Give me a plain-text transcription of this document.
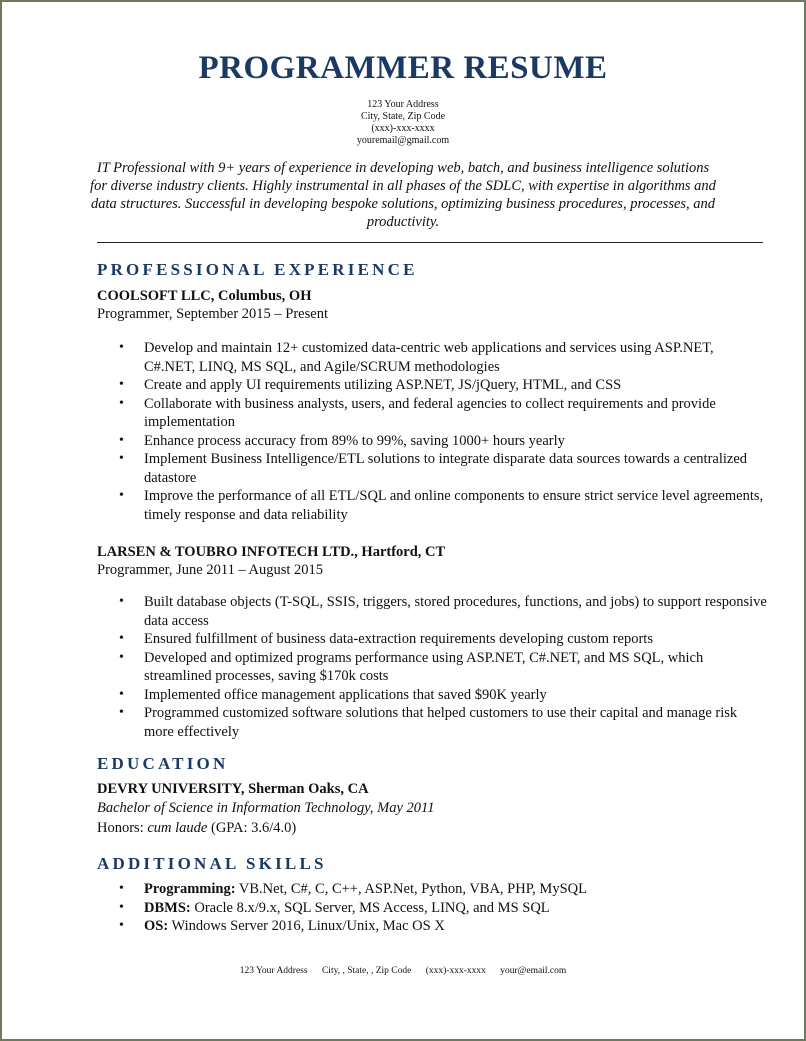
PROGRAMMER RESUME
123 Your Address
City, State, Zip Code
(xxx)-xxx-xxxx
youremail@gmail.com
IT Professional with 9+ years of experience in developing web, batch, and business intelligence solutions for diverse industry clients. Highly instrumental in all phases of the SDLC, with expertise in algorithms and data structures. Successful in developing bespoke solutions, optimizing business procedures, processes, and productivity.
PROFESSIONAL EXPERIENCE
COOLSOFT LLC, Columbus, OH
Programmer, September 2015 – Present
• Develop and maintain 12+ customized data-centric web applications and services using ASP.NET, C#.NET, LINQ, MS SQL, and Agile/SCRUM methodologies
• Create and apply UI requirements utilizing ASP.NET, JS/jQuery, HTML, and CSS
• Collaborate with business analysts, users, and federal agencies to collect requirements and provide implementation
• Enhance process accuracy from 89% to 99%, saving 1000+ hours yearly
• Implement Business Intelligence/ETL solutions to integrate disparate data sources towards a centralized datastore
• Improve the performance of all ETL/SQL and online components to ensure strict service level agreements, timely response and data reliability
LARSEN & TOUBRO INFOTECH LTD., Hartford, CT
Programmer, June 2011 – August 2015
• Built database objects (T-SQL, SSIS, triggers, stored procedures, functions, and jobs) to support responsive data access
• Ensured fulfillment of business data-extraction requirements developing custom reports
• Developed and optimized programs performance using ASP.NET, C#.NET, and MS SQL, which streamlined processes, saving $170k costs
• Implemented office management applications that saved $90K yearly
• Programmed customized software solutions that helped customers to use their capital and manage risk more effectively
EDUCATION
DEVRY UNIVERSITY, Sherman Oaks, CA
Bachelor of Science in Information Technology, May 2011
Honors: cum laude (GPA: 3.6/4.0)
ADDITIONAL SKILLS
• Programming: VB.Net, C#, C, C++, ASP.Net, Python, VBA, PHP, MySQL
• DBMS: Oracle 8.x/9.x, SQL Server, MS Access, LINQ, and MS SQL
• OS: Windows Server 2016, Linux/Unix, Mac OS X
123 Your Address City, , State, , Zip Code (xxx)-xxx-xxxx your@email.com
